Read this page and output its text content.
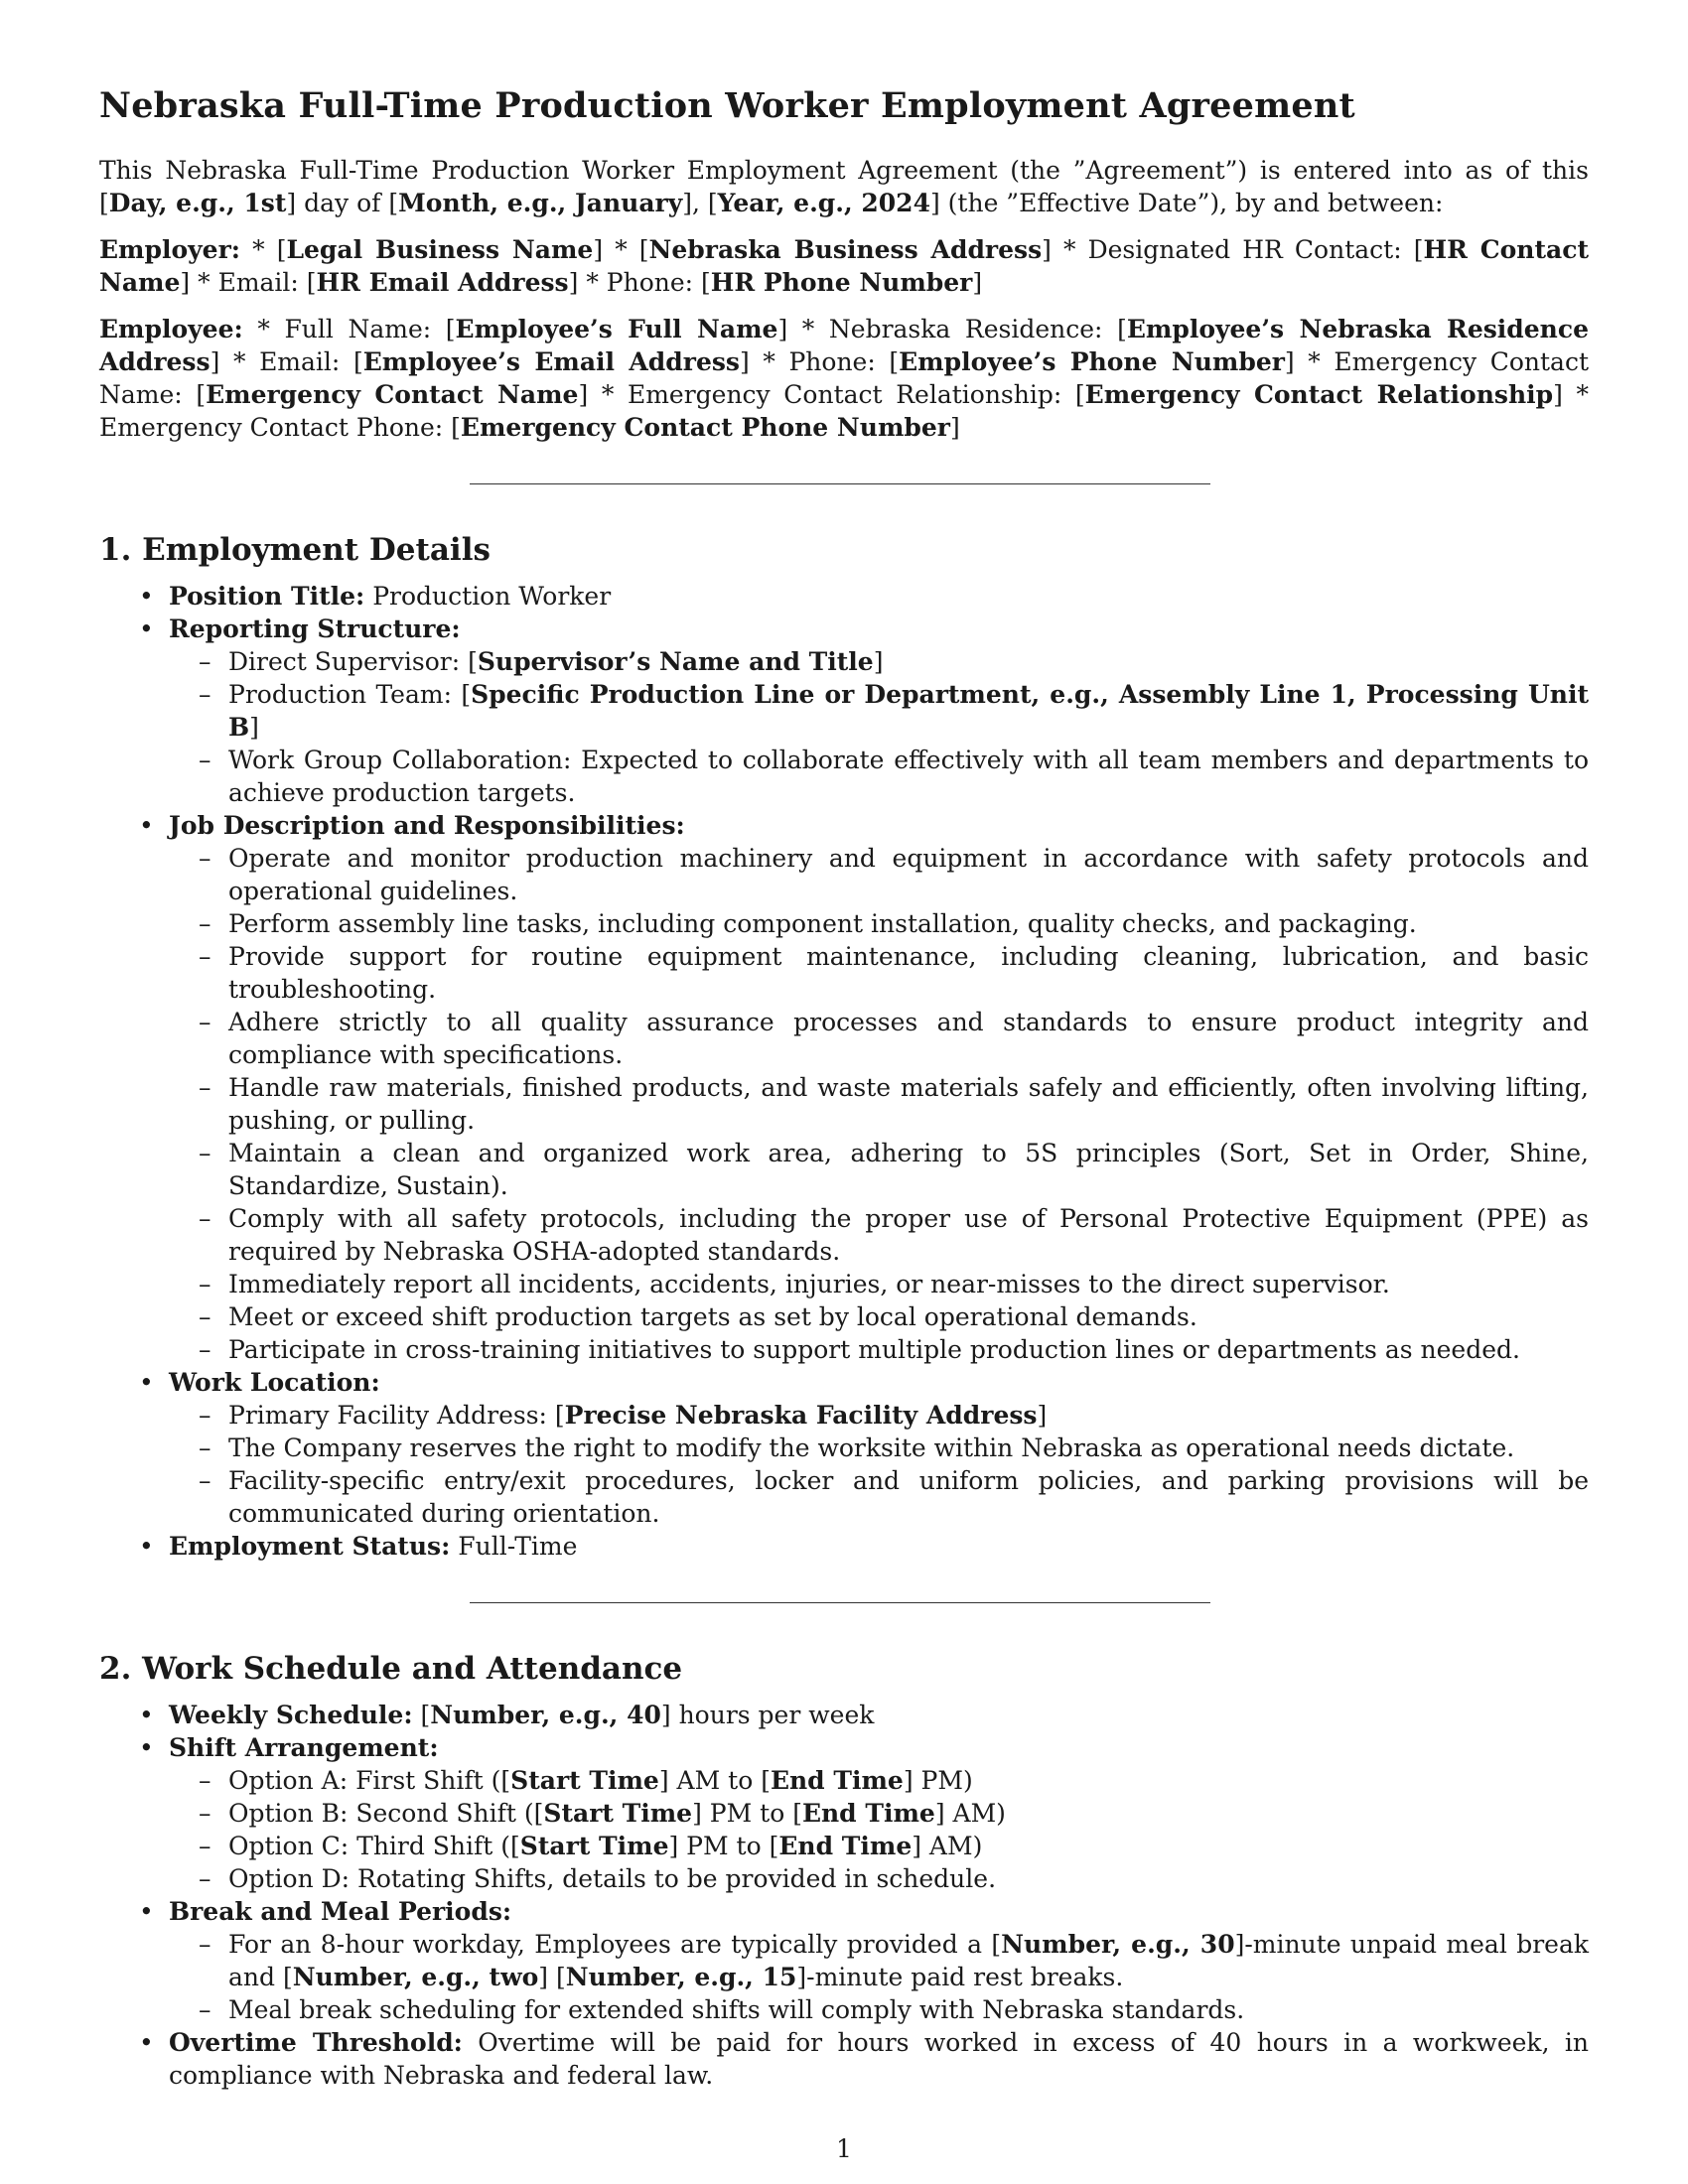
Nebraska Full-Time Production Worker Employment Agreement

This Nebraska Full-Time Production Worker Employment Agreement (the ”Agreement”) is entered into as of this [Day, e.g., 1st] day of [Month, e.g., January], [Year, e.g., 2024] (the ”Effective Date”), by and between:

Employer: * [Legal Business Name] * [Nebraska Business Address] * Designated HR Contact: [HR Contact Name] * Email: [HR Email Address] * Phone: [HR Phone Number]

Employee: * Full Name: [Employee’s Full Name] * Nebraska Residence: [Employee’s Nebraska Residence Address] * Email: [Employee’s Email Address] * Phone: [Employee’s Phone Number] * Emergency Contact Name: [Emergency Contact Name] * Emergency Contact Relationship: [Emergency Contact Relationship] * Emergency Contact Phone: [Emergency Contact Phone Number]

1. Employment Details
• Position Title: Production Worker
• Reporting Structure:
– Direct Supervisor: [Supervisor’s Name and Title]
– Production Team: [Specific Production Line or Department, e.g., Assembly Line 1, Processing Unit B]
– Work Group Collaboration: Expected to collaborate effectively with all team members and departments to achieve production targets.
• Job Description and Responsibilities:
– Operate and monitor production machinery and equipment in accordance with safety protocols and operational guidelines.
– Perform assembly line tasks, including component installation, quality checks, and packaging.
– Provide support for routine equipment maintenance, including cleaning, lubrication, and basic troubleshooting.
– Adhere strictly to all quality assurance processes and standards to ensure product integrity and compliance with specifications.
– Handle raw materials, finished products, and waste materials safely and efficiently, often involving lifting, pushing, or pulling.
– Maintain a clean and organized work area, adhering to 5S principles (Sort, Set in Order, Shine, Standardize, Sustain).
– Comply with all safety protocols, including the proper use of Personal Protective Equipment (PPE) as required by Nebraska OSHA-adopted standards.
– Immediately report all incidents, accidents, injuries, or near-misses to the direct supervisor.
– Meet or exceed shift production targets as set by local operational demands.
– Participate in cross-training initiatives to support multiple production lines or departments as needed.
• Work Location:
– Primary Facility Address: [Precise Nebraska Facility Address]
– The Company reserves the right to modify the worksite within Nebraska as operational needs dictate.
– Facility-specific entry/exit procedures, locker and uniform policies, and parking provisions will be communicated during orientation.
• Employment Status: Full-Time
2. Work Schedule and Attendance
• Weekly Schedule: [Number, e.g., 40] hours per week
• Shift Arrangement:
– Option A: First Shift ([Start Time] AM to [End Time] PM)
– Option B: Second Shift ([Start Time] PM to [End Time] AM)
– Option C: Third Shift ([Start Time] PM to [End Time] AM)
– Option D: Rotating Shifts, details to be provided in schedule.
• Break and Meal Periods:
– For an 8-hour workday, Employees are typically provided a [Number, e.g., 30]-minute unpaid meal break and [Number, e.g., two] [Number, e.g., 15]-minute paid rest breaks.
– Meal break scheduling for extended shifts will comply with Nebraska standards.
• Overtime Threshold: Overtime will be paid for hours worked in excess of 40 hours in a workweek, in compliance with Nebraska and federal law.
1
